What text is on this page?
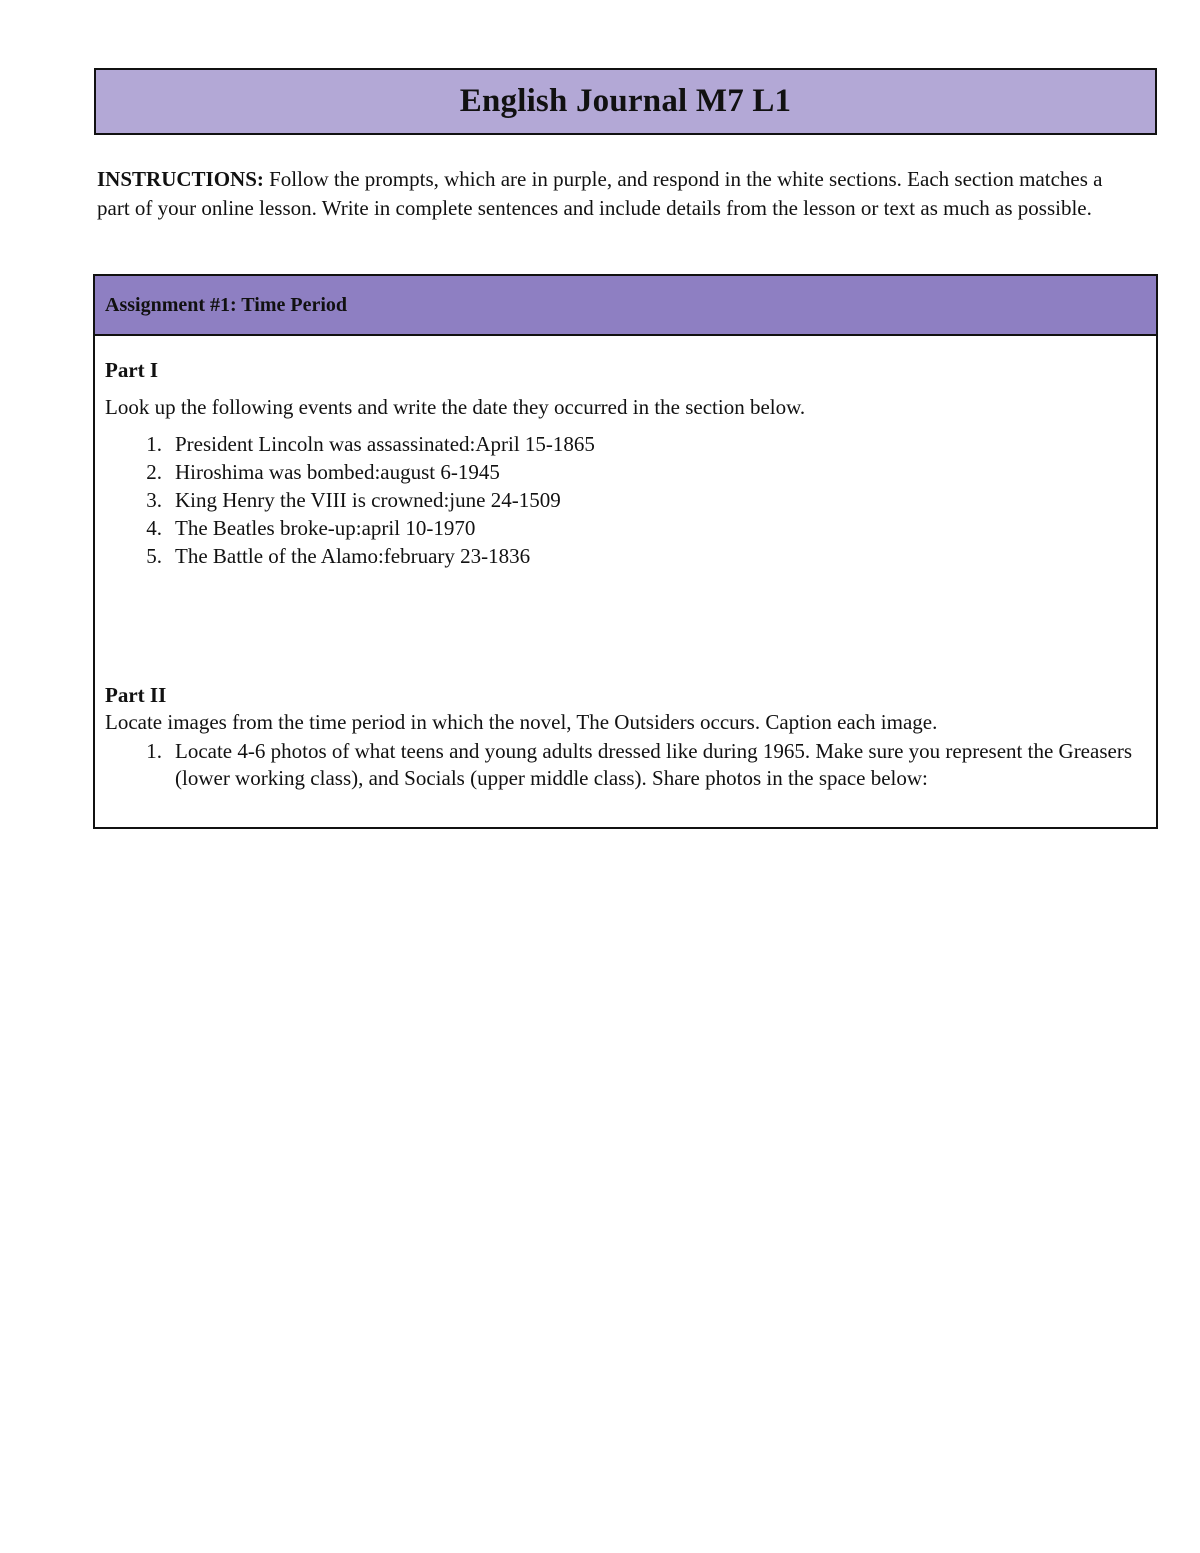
English Journal M7 L1
INSTRUCTIONS: Follow the prompts, which are in purple, and respond in the white sections. Each section matches a part of your online lesson. Write in complete sentences and include details from the lesson or text as much as possible.
Assignment #1: Time Period
Part I
Look up the following events and write the date they occurred in the section below.
1. President Lincoln was assassinated:April 15-1865
2. Hiroshima was bombed:august 6-1945
3. King Henry the VIII is crowned:june 24-1509
4. The Beatles broke-up:april 10-1970
5. The Battle of the Alamo:february 23-1836
Part II
Locate images from the time period in which the novel, The Outsiders occurs. Caption each image.
1. Locate 4-6 photos of what teens and young adults dressed like during 1965. Make sure you represent the Greasers (lower working class), and Socials (upper middle class). Share photos in the space below:
